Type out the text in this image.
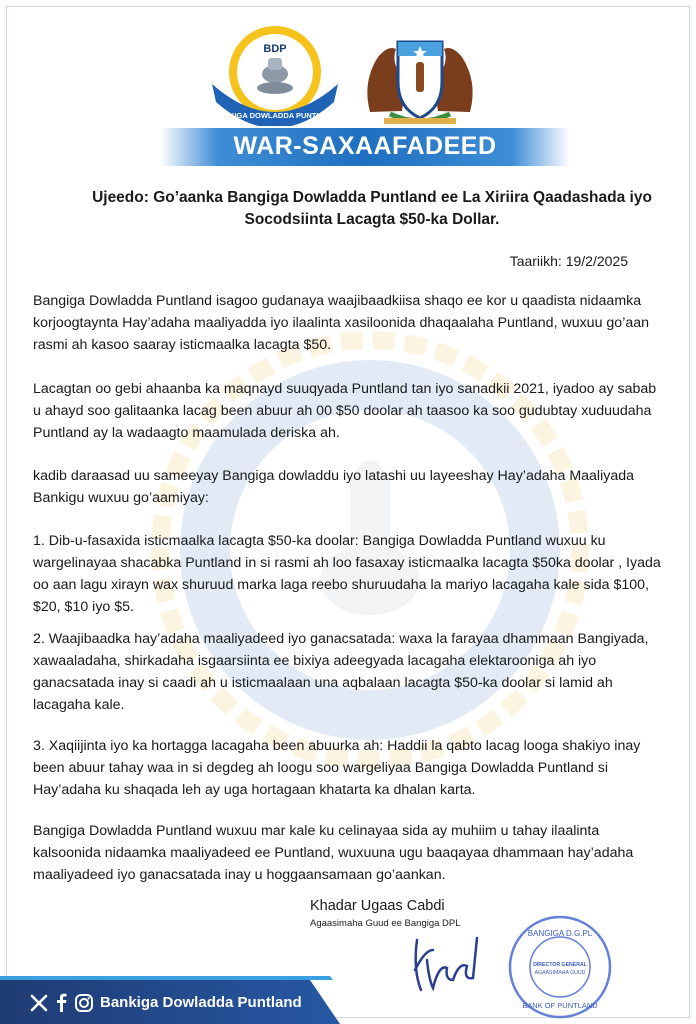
BDP
BANKIGA DOWLADDA PUNTLAND
WAR-SAXAAFADEED
Ujeedo: Go’aanka Bangiga Dowladda Puntland ee La Xiriira Qaadashada iyo
Socodsiinta Lacagta $50-ka Dollar.
Taariikh: 19/2/2025
Bangiga Dowladda Puntland isagoo gudanaya waajibaadkiisa shaqo ee kor u qaadista nidaamka korjoogtaynta Hay’adaha maaliyadda iyo ilaalinta xasiloonida dhaqaalaha Puntland, wuxuu go’aan rasmi ah kasoo saaray isticmaalka lacagta $50.
Lacagtan oo gebi ahaanba ka maqnayd suuqyada Puntland tan iyo sanadkii 2021, iyadoo ay sabab u ahayd soo galitaanka lacag been abuur ah 00 $50 doolar ah taasoo ka soo gudubtay xuduudaha Puntland ay la wadaagto maamulada deriska ah.
kadib daraasad uu sameeyay Bangiga dowladdu iyo latashi uu layeeshay Hay’adaha Maaliyada Bankigu wuxuu go’aamiyay:
1. Dib-u-fasaxida isticmaalka lacagta $50-ka doolar: Bangiga Dowladda Puntland wuxuu ku wargelinayaa shacabka Puntland in si rasmi ah loo fasaxay isticmaalka lacagta $50ka doolar , Iyada oo aan lagu xirayn wax shuruud marka laga reebo shuruudaha la mariyo lacagaha kale sida $100, $20, $10 iyo $5.
2. Waajibaadka hay’adaha maaliyadeed iyo ganacsatada: waxa la farayaa dhammaan Bangiyada, xawaaladaha, shirkadaha isgaarsiinta ee bixiya adeegyada lacagaha elektarooniga ah iyo ganacsatada inay si caadi ah u isticmaalaan una aqbalaan lacagta $50-ka doolar si lamid ah lacagaha kale.
3. Xaqiijinta iyo ka hortagga lacagaha been abuurka ah: Haddii la qabto lacag looga shakiyo inay been abuur tahay waa in si degdeg ah loogu soo wargeliyaa Bangiga Dowladda Puntland si Hay’adaha ku shaqada leh ay uga hortagaan khatarta ka dhalan karta.
Bangiga Dowladda Puntland wuxuu mar kale ku celinayaa sida ay muhiim u tahay ilaalinta kalsoonida nidaamka maaliyadeed ee Puntland, wuxuuna ugu baaqayaa dhammaan hay’adaha maaliyadeed iyo ganacsatada inay u hoggaansamaan go’aankan.
Khadar Ugaas Cabdi
Agaasimaha Guud ee Bangiga DPL
BANGIGA D.G.PL
DIRECTOR GENERAL
AGAASIMAHA GUUD
BANK OF PUNTLAND
Bankiga Dowladda Puntland
